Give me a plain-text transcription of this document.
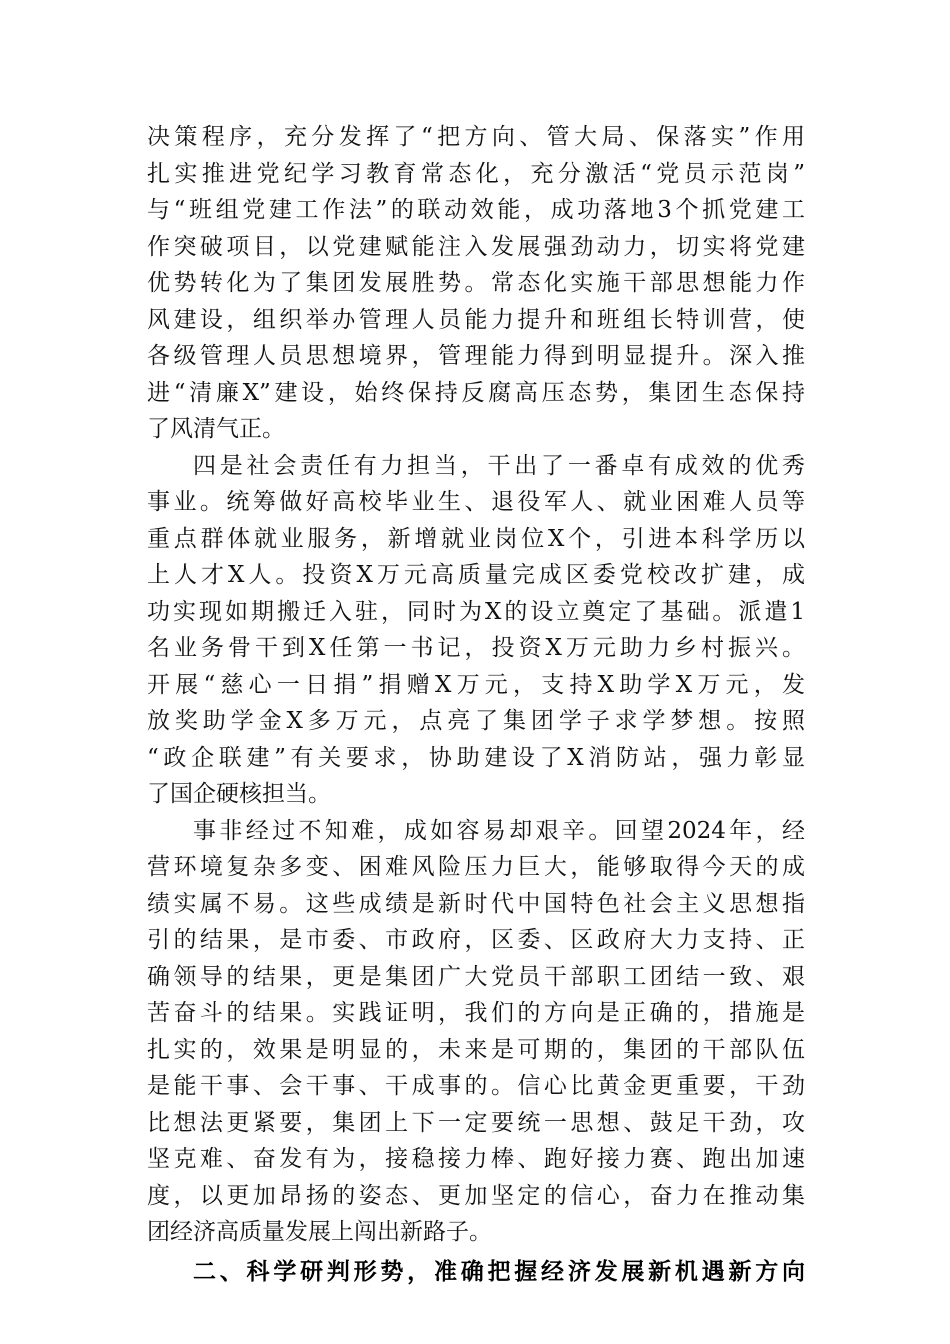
决策程序，充分发挥了“把方向、管大局、保落实”作用
扎实推进党纪学习教育常态化，充分激活“党员示范岗”
与“班组党建工作法”的联动效能，成功落地3个抓党建工
作突破项目，以党建赋能注入发展强劲动力，切实将党建
优势转化为了集团发展胜势。常态化实施干部思想能力作
风建设，组织举办管理人员能力提升和班组长特训营，使
各级管理人员思想境界，管理能力得到明显提升。深入推
进“清廉X”建设，始终保持反腐高压态势，集团生态保持
了风清气正。
四是社会责任有力担当，干出了一番卓有成效的优秀
事业。统筹做好高校毕业生、退役军人、就业困难人员等
重点群体就业服务，新增就业岗位X个，引进本科学历以
上人才X人。投资X万元高质量完成区委党校改扩建，成
功实现如期搬迁入驻，同时为X的设立奠定了基础。派遣1
名业务骨干到X任第一书记，投资X万元助力乡村振兴。
开展“慈心一日捐”捐赠X万元，支持X助学X万元，发
放奖助学金X多万元，点亮了集团学子求学梦想。按照
“政企联建”有关要求，协助建设了X消防站，强力彰显
了国企硬核担当。
事非经过不知难，成如容易却艰辛。回望2024年，经
营环境复杂多变、困难风险压力巨大，能够取得今天的成
绩实属不易。这些成绩是新时代中国特色社会主义思想指
引的结果，是市委、市政府，区委、区政府大力支持、正
确领导的结果，更是集团广大党员干部职工团结一致、艰
苦奋斗的结果。实践证明，我们的方向是正确的，措施是
扎实的，效果是明显的，未来是可期的，集团的干部队伍
是能干事、会干事、干成事的。信心比黄金更重要，干劲
比想法更紧要，集团上下一定要统一思想、鼓足干劲，攻
坚克难、奋发有为，接稳接力棒、跑好接力赛、跑出加速
度，以更加昂扬的姿态、更加坚定的信心，奋力在推动集
团经济高质量发展上闯出新路子。
二、科学研判形势，准确把握经济发展新机遇新方向
